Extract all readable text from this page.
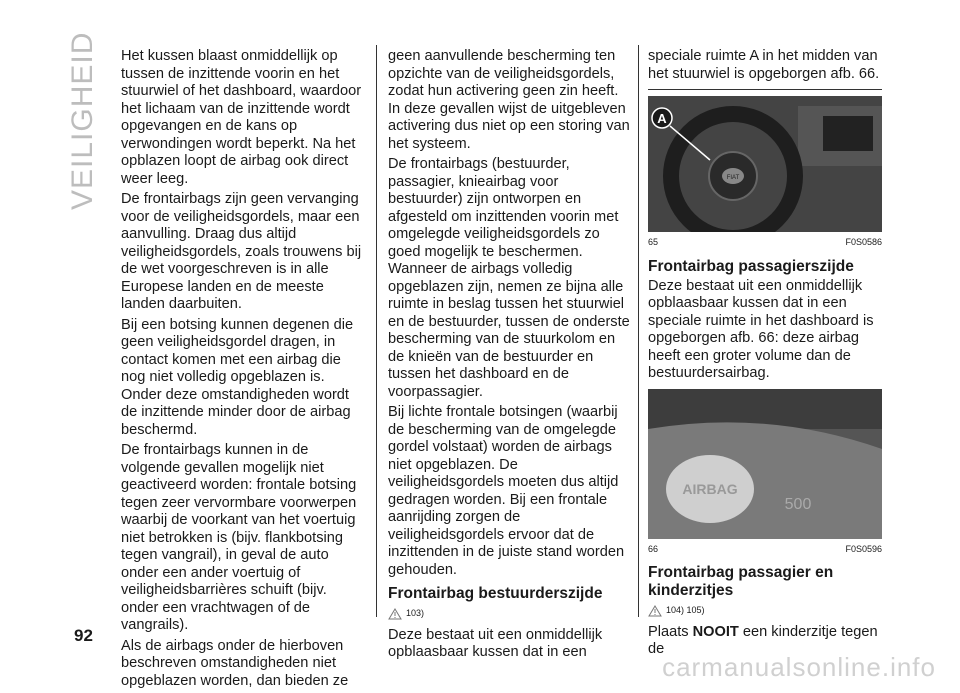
VEILIGHEID Het kussen blaast onmiddellijk op tussen de inzittende voorin en het stuurwiel of het dashboard, waardoor het lichaam van de inzittende wordt opgevangen en de kans op verwondingen wordt beperkt. Na het opblazen loopt de airbag ook direct weer leeg.

De frontairbags zijn geen vervanging voor de veiligheidsgordels, maar een aanvulling. Draag dus altijd veiligheidsgordels, zoals trouwens bij de wet voorgeschreven is in alle Europese landen en de meeste landen daarbuiten.

Bij een botsing kunnen degenen die geen veiligheidsgordel dragen, in contact komen met een airbag die nog niet volledig opgeblazen is. Onder deze omstandigheden wordt de inzittende minder door de airbag beschermd.

De frontairbags kunnen in de volgende gevallen mogelijk niet geactiveerd worden: frontale botsing tegen zeer vervormbare voorwerpen waarbij de voorkant van het voertuig niet betrokken is (bijv. flankbotsing tegen vangrail), in geval de auto onder een ander voertuig of veiligheidsbarrières schuift (bijv. onder een vrachtwagen of de vangrails).

Als de airbags onder de hierboven beschreven omstandigheden niet opgeblazen worden, dan bieden ze

geen aanvullende bescherming ten opzichte van de veiligheidsgordels, zodat hun activering geen zin heeft. In deze gevallen wijst de uitgebleven activering dus niet op een storing van het systeem.

De frontairbags (bestuurder, passagier, knieairbag voor bestuurder) zijn ontworpen en afgesteld om inzittenden voorin met omgelegde veiligheidsgordels zo goed mogelijk te beschermen. Wanneer de airbags volledig opgeblazen zijn, nemen ze bijna alle ruimte in beslag tussen het stuurwiel en de bestuurder, tussen de onderste bescherming van de stuurkolom en de knieën van de bestuurder en tussen het dashboard en de voorpassagier.

Bij lichte frontale botsingen (waarbij de bescherming van de omgelegde gordel volstaat) worden de airbags niet opgeblazen. De veiligheidsgordels moeten dus altijd gedragen worden. Bij een frontale aanrijding zorgen de veiligheidsgordels ervoor dat de inzittenden in de juiste stand worden gehouden.

Frontairbag bestuurderszijde
103)

Deze bestaat uit een onmiddellijk opblaasbaar kussen dat in een

speciale ruimte A in het midden van het stuurwiel is opgeborgen afb. 66.

FIAT
A
65	F0S0586
Frontairbag passagierszijde

Deze bestaat uit een onmiddellijk opblaasbaar kussen dat in een speciale ruimte in het dashboard is opgeborgen afb. 66: deze airbag heeft een groter volume dan de bestuurdersairbag.

AIRBAG
500
66	F0S0596
Frontairbag passagier en kinderzitjes
104) 105)

Plaats NOOIT een kinderzitje tegen de

92
carmanualsonline.info
